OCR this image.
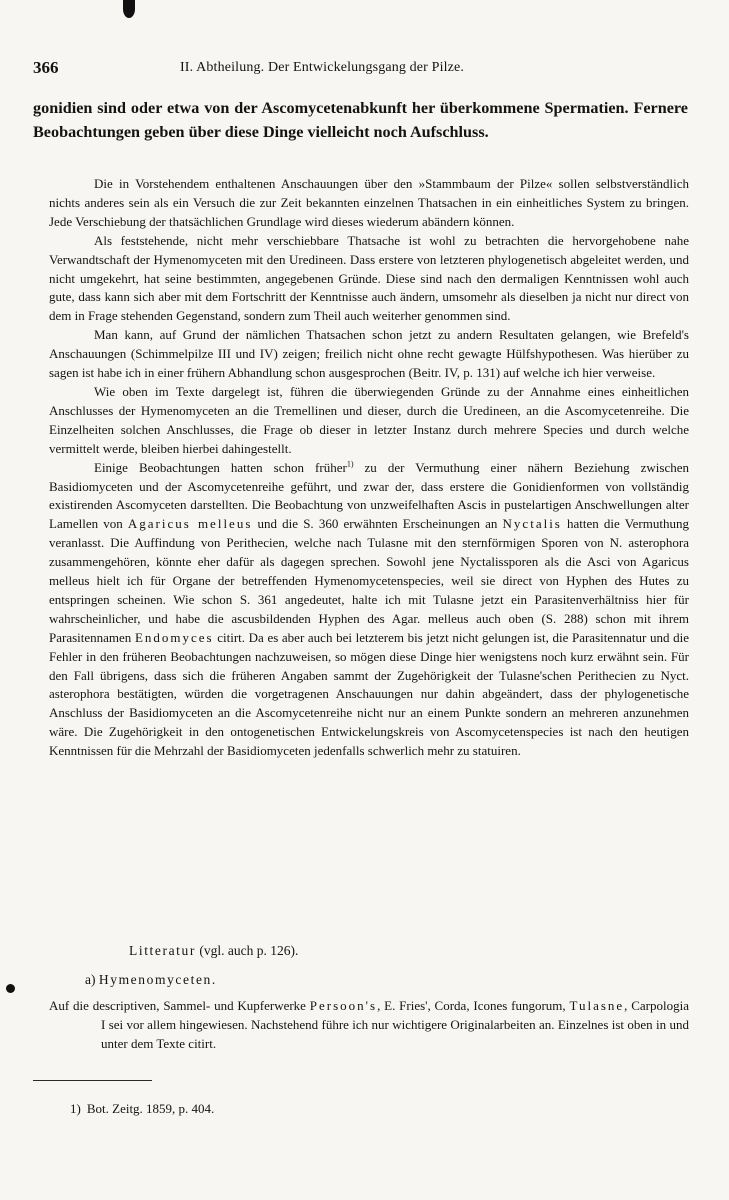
366	II. Abtheilung. Der Entwickelungsgang der Pilze.

gonidien sind oder etwa von der Ascomycetenabkunft her überkommene Spermatien. Fernere Beobachtungen geben über diese Dinge vielleicht noch Aufschluss.

Die in Vorstehendem enthaltenen Anschauungen über den »Stammbaum der Pilze« sollen selbstverständlich nichts anderes sein als ein Versuch die zur Zeit bekannten einzelnen Thatsachen in ein einheitliches System zu bringen. Jede Verschiebung der thatsächlichen Grundlage wird dieses wiederum abändern können.

Als feststehende, nicht mehr verschiebbare Thatsache ist wohl zu betrachten die hervorgehobene nahe Verwandtschaft der Hymenomyceten mit den Uredineen. Dass erstere von letzteren phylogenetisch abgeleitet werden, und nicht umgekehrt, hat seine bestimmten, angegebenen Gründe. Diese sind nach den dermaligen Kenntnissen wohl auch gute, dass kann sich aber mit dem Fortschritt der Kenntnisse auch ändern, umsomehr als dieselben ja nicht nur direct von dem in Frage stehenden Gegenstand, sondern zum Theil auch weiterher genommen sind.

Man kann, auf Grund der nämlichen Thatsachen schon jetzt zu andern Resultaten gelangen, wie Brefeld's Anschauungen (Schimmelpilze III und IV) zeigen; freilich nicht ohne recht gewagte Hülfshypothesen. Was hierüber zu sagen ist habe ich in einer frühern Abhandlung schon ausgesprochen (Beitr. IV, p. 131) auf welche ich hier verweise.

Wie oben im Texte dargelegt ist, führen die überwiegenden Gründe zu der Annahme eines einheitlichen Anschlusses der Hymenomyceten an die Tremellinen und dieser, durch die Uredineen, an die Ascomycetenreihe. Die Einzelheiten solchen Anschlusses, die Frage ob dieser in letzter Instanz durch mehrere Species und durch welche vermittelt werde, bleiben hierbei dahingestellt.

Einige Beobachtungen hatten schon früher$^{1)}$ zu der Vermuthung einer nähern Beziehung zwischen Basidiomyceten und der Ascomycetenreihe geführt, und zwar der, dass erstere die Gonidienformen von vollständig existirenden Ascomyceten darstellten. Die Beobachtung von unzweifelhaften Ascis in pustelartigen Anschwellungen alter Lamellen von Agaricus melleus und die S. 360 erwähnten Erscheinungen an Nyctalis hatten die Vermuthung veranlasst. Die Auffindung von Perithecien, welche nach Tulasne mit den sternförmigen Sporen von N. asterophora zusammengehören, könnte eher dafür als dagegen sprechen. Sowohl jene Nyctalissporen als die Asci von Agaricus melleus hielt ich für Organe der betreffenden Hymenomycetenspecies, weil sie direct von Hyphen des Hutes zu entspringen scheinen. Wie schon S. 361 angedeutet, halte ich mit Tulasne jetzt ein Parasitenverhältniss hier für wahrscheinlicher, und habe die ascusbildenden Hyphen des Agar. melleus auch oben (S. 288) schon mit ihrem Parasitennamen Endomyces citirt. Da es aber auch bei letzterem bis jetzt nicht gelungen ist, die Parasitennatur und die Fehler in den früheren Beobachtungen nachzuweisen, so mögen diese Dinge hier wenigstens noch kurz erwähnt sein. Für den Fall übrigens, dass sich die früheren Angaben sammt der Zugehörigkeit der Tulasne'schen Perithecien zu Nyct. asterophora bestätigten, würden die vorgetragenen Anschauungen nur dahin abgeändert, dass der phylogenetische Anschluss der Basidiomyceten an die Ascomycetenreihe nicht nur an einem Punkte sondern an mehreren anzunehmen wäre. Die Zugehörigkeit in den ontogenetischen Entwickelungskreis von Ascomycetenspecies ist nach den heutigen Kenntnissen für die Mehrzahl der Basidiomyceten jedenfalls schwerlich mehr zu statuiren.

Litteratur (vgl. auch p. 126).
a) Hymenomyceten.
Auf die descriptiven, Sammel- und Kupferwerke Persoon's, E. Fries', Corda, Icones fungorum, Tulasne, Carpologia I sei vor allem hingewiesen. Nachstehend führe ich nur wichtigere Originalarbeiten an. Einzelnes ist oben in und unter dem Texte citirt.
1) Bot. Zeitg. 1859, p. 404.
